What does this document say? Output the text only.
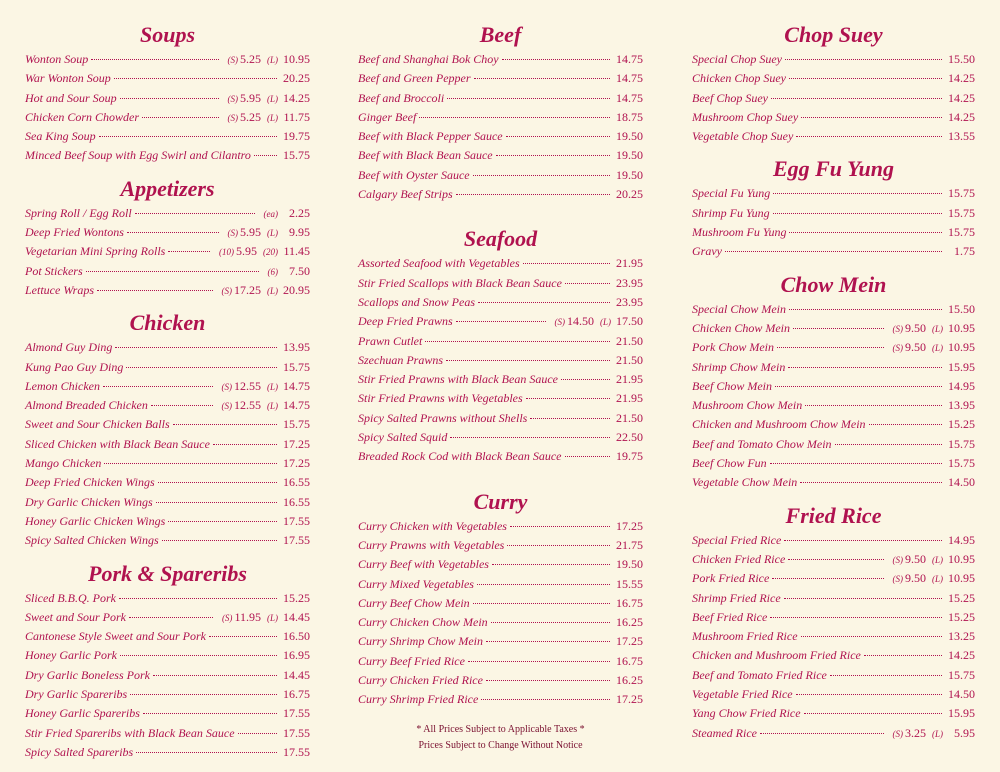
Soups
Wonton Soup	(S) 5.25 (L) 10.95
War Wonton Soup	20.25
Hot and Sour Soup	(S) 5.95 (L) 14.25
Chicken Corn Chowder	(S) 5.25 (L) 11.75
Sea King Soup	19.75
Minced Beef Soup with Egg Swirl and Cilantro	15.75
Appetizers
Spring Roll / Egg Roll	(ea) 2.25
Deep Fried Wontons	(S) 5.95 (L) 9.95
Vegetarian Mini Spring Rolls	(10) 5.95 (20) 11.45
Pot Stickers	(6) 7.50
Lettuce Wraps	(S) 17.25 (L) 20.95
Chicken
Almond Guy Ding	13.95
Kung Pao Guy Ding	15.75
Lemon Chicken	(S) 12.55 (L) 14.75
Almond Breaded Chicken	(S) 12.55 (L) 14.75
Sweet and Sour Chicken Balls	15.75
Sliced Chicken with Black Bean Sauce	17.25
Mango Chicken	17.25
Deep Fried Chicken Wings	16.55
Dry Garlic Chicken Wings	16.55
Honey Garlic Chicken Wings	17.55
Spicy Salted Chicken Wings	17.55
Pork & Spareribs
Sliced B.B.Q. Pork	15.25
Sweet and Sour Pork	(S) 11.95 (L) 14.45
Cantonese Style Sweet and Sour Pork	16.50
Honey Garlic Pork	16.95
Dry Garlic Boneless Pork	14.45
Dry Garlic Spareribs	16.75
Honey Garlic Spareribs	17.55
Stir Fried Spareribs with Black Bean Sauce	17.55
Spicy Salted Spareribs	17.55
Beef
Beef and Shanghai Bok Choy	14.75
Beef and Green Pepper	14.75
Beef and Broccoli	14.75
Ginger Beef	18.75
Beef with Black Pepper Sauce	19.50
Beef with Black Bean Sauce	19.50
Beef with Oyster Sauce	19.50
Calgary Beef Strips	20.25
Seafood
Assorted Seafood with Vegetables	21.95
Stir Fried Scallops with Black Bean Sauce	23.95
Scallops and Snow Peas	23.95
Deep Fried Prawns	(S) 14.50 (L) 17.50
Prawn Cutlet	21.50
Szechuan Prawns	21.50
Stir Fried Prawns with Black Bean Sauce	21.95
Stir Fried Prawns with Vegetables	21.95
Spicy Salted Prawns without Shells	21.50
Spicy Salted Squid	22.50
Breaded Rock Cod with Black Bean Sauce	19.75
Curry
Curry Chicken with Vegetables	17.25
Curry Prawns with Vegetables	21.75
Curry Beef with Vegetables	19.50
Curry Mixed Vegetables	15.55
Curry Beef Chow Mein	16.75
Curry Chicken Chow Mein	16.25
Curry Shrimp Chow Mein	17.25
Curry Beef Fried Rice	16.75
Curry Chicken Fried Rice	16.25
Curry Shrimp Fried Rice	17.25
* All Prices Subject to Applicable Taxes *
Prices Subject to Change Without Notice
Chop Suey
Special Chop Suey	15.50
Chicken Chop Suey	14.25
Beef Chop Suey	14.25
Mushroom Chop Suey	14.25
Vegetable Chop Suey	13.55
Egg Fu Yung
Special Fu Yung	15.75
Shrimp Fu Yung	15.75
Mushroom Fu Yung	15.75
Gravy	1.75
Chow Mein
Special Chow Mein	15.50
Chicken Chow Mein	(S) 9.50 (L) 10.95
Pork Chow Mein	(S) 9.50 (L) 10.95
Shrimp Chow Mein	15.95
Beef Chow Mein	14.95
Mushroom Chow Mein	13.95
Chicken and Mushroom Chow Mein	15.25
Beef and Tomato Chow Mein	15.75
Beef Chow Fun	15.75
Vegetable Chow Mein	14.50
Fried Rice
Special Fried Rice	14.95
Chicken Fried Rice	(S) 9.50 (L) 10.95
Pork Fried Rice	(S) 9.50 (L) 10.95
Shrimp Fried Rice	15.25
Beef Fried Rice	15.25
Mushroom Fried Rice	13.25
Chicken and Mushroom Fried Rice	14.25
Beef and Tomato Fried Rice	15.75
Vegetable Fried Rice	14.50
Yang Chow Fried Rice	15.95
Steamed Rice	(S) 3.25 (L) 5.95
